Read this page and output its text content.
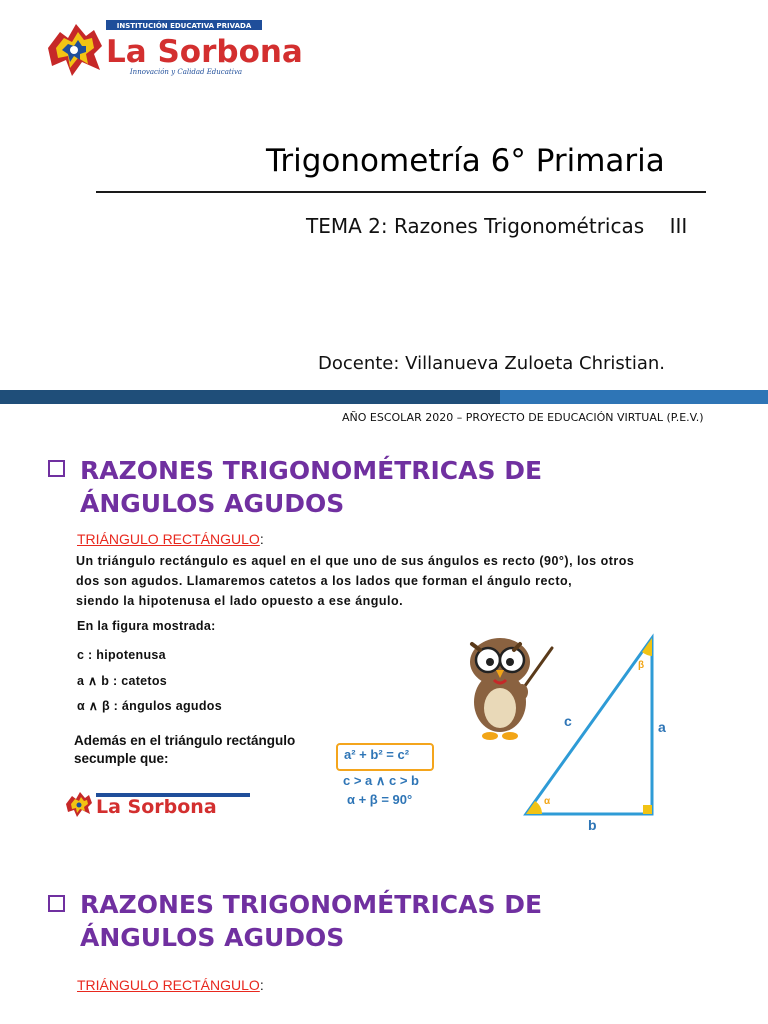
INSTITUCIÓN EDUCATIVA PRIVADA
La Sorbona
Innovación y Calidad Educativa
Trigonometría 6° Primaria
TEMA 2: Razones Trigonométricas    III
Docente: Villanueva Zuloeta Christian.
AÑO ESCOLAR 2020 – PROYECTO DE EDUCACIÓN VIRTUAL (P.E.V.)
RAZONES TRIGONOMÉTRICAS DE
ÁNGULOS AGUDOS
TRIÁNGULO RECTÁNGULO:
Un triángulo rectángulo es aquel en el que uno de sus ángulos es recto (90°), los otros
dos son agudos. Llamaremos catetos a los lados que forman el ángulo recto,
siendo la hipotenusa el lado opuesto a ese ángulo.
En la figura mostrada:
c : hipotenusa
a ∧ b : catetos
α ∧ β : ángulos agudos
Además en el triángulo rectángulo
secumple que:	a² + b² = c²
c > a ∧ c > b
α + β = 90°
La Sorbona	α
β
c	a
b
RAZONES TRIGONOMÉTRICAS DE
ÁNGULOS AGUDOS
TRIÁNGULO RECTÁNGULO:
